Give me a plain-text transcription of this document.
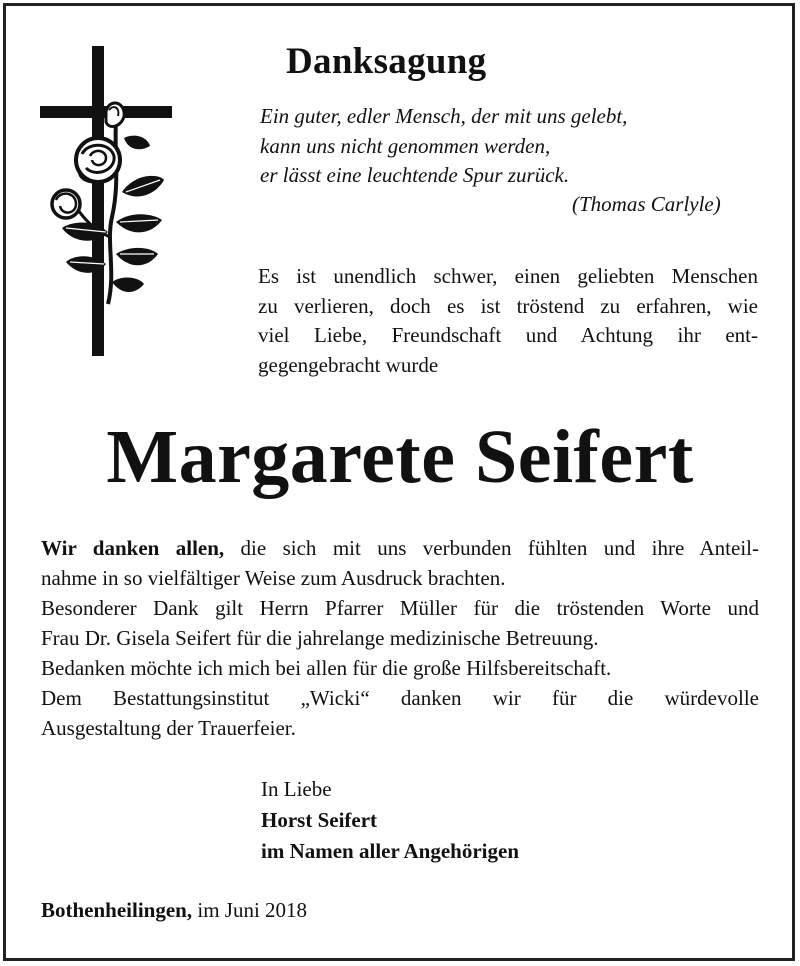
Danksagung
Ein guter, edler Mensch, der mit uns gelebt,
kann uns nicht genommen werden,
er lässt eine leuchtende Spur zurück.
(Thomas Carlyle)
Es ist unendlich schwer, einen geliebten Menschen
zu verlieren, doch es ist tröstend zu erfahren, wie
viel Liebe, Freundschaft und Achtung ihr ent-
gegengebracht wurde
Margarete Seifert
Wir danken allen, die sich mit uns verbunden fühlten und ihre Anteil-
nahme in so vielfältiger Weise zum Ausdruck brachten.
Besonderer Dank gilt Herrn Pfarrer Müller für die tröstenden Worte und
Frau Dr. Gisela Seifert für die jahrelange medizinische Betreuung.
Bedanken möchte ich mich bei allen für die große Hilfsbereitschaft.
Dem Bestattungsinstitut „Wicki“ danken wir für die würdevolle
Ausgestaltung der Trauerfeier.
In Liebe
Horst Seifert
im Namen aller Angehörigen
Bothenheilingen, im Juni 2018
